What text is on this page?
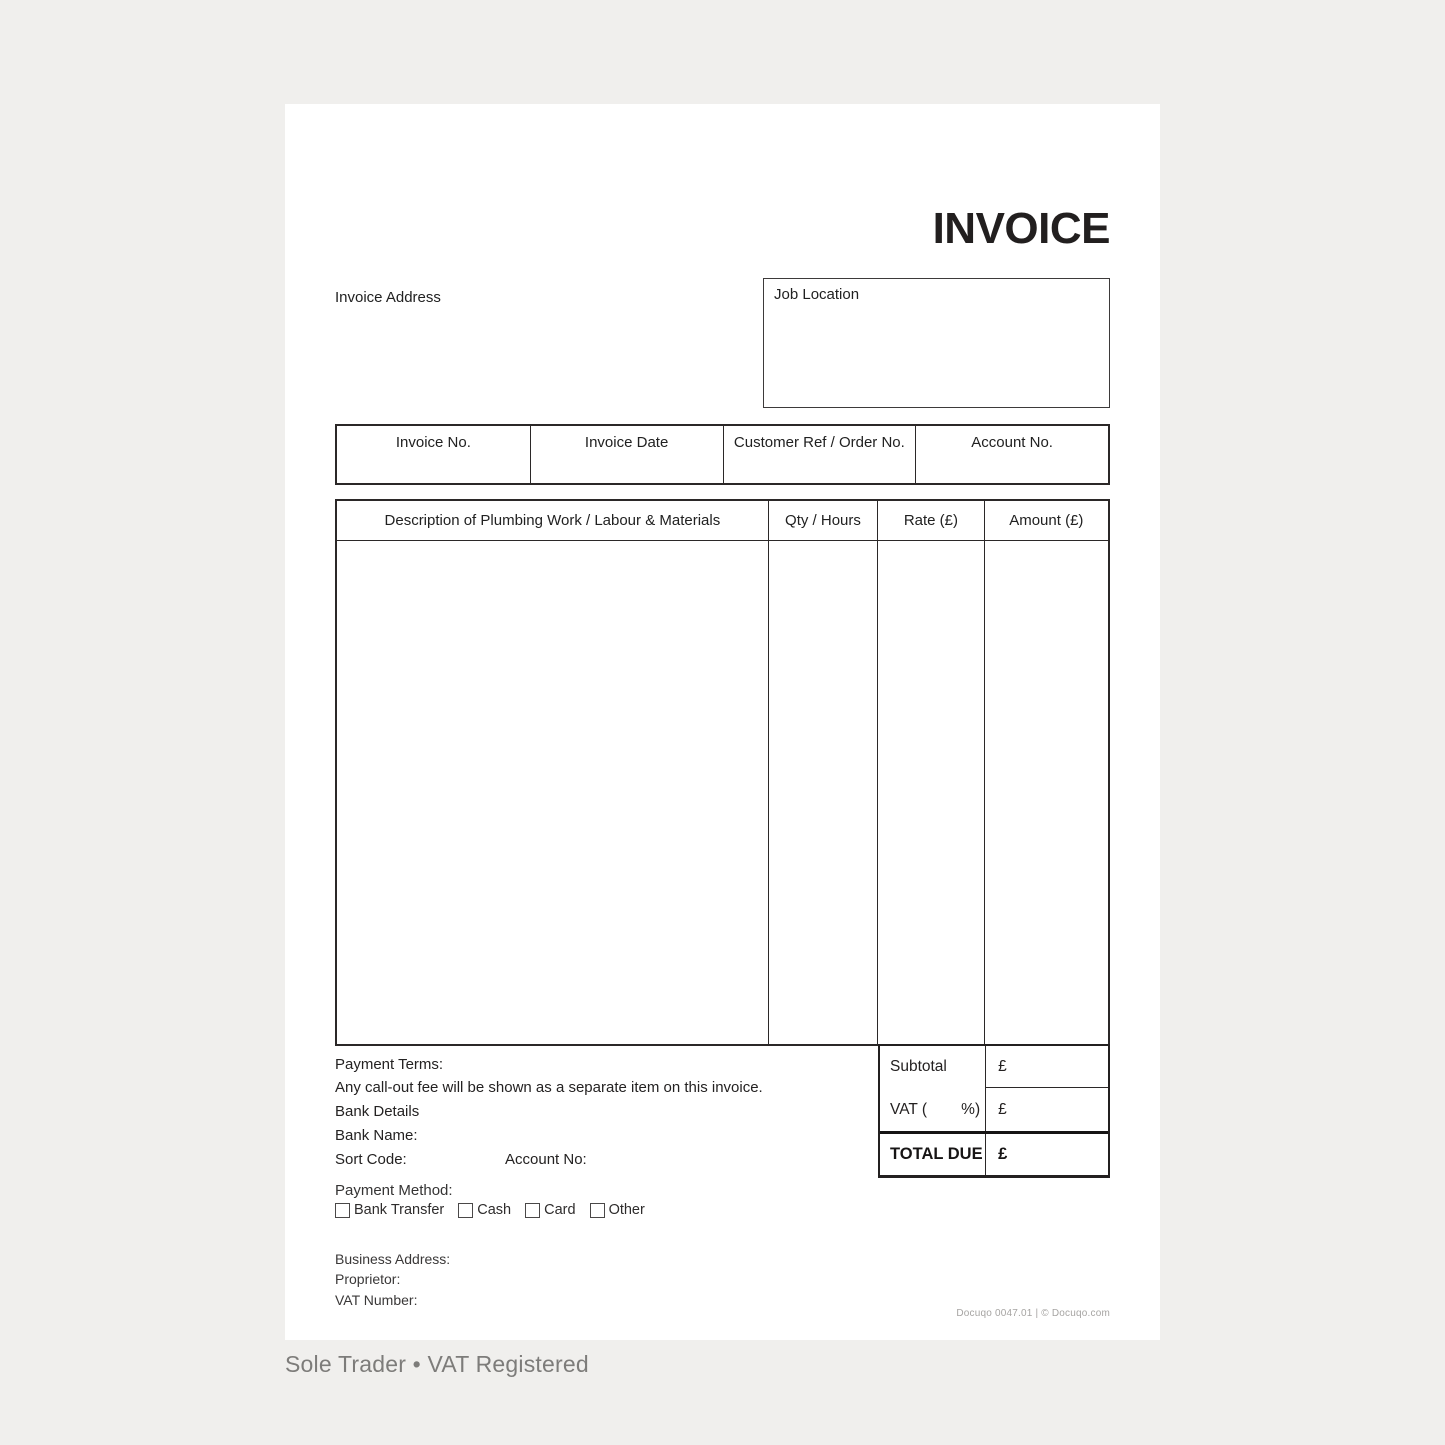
INVOICE
Invoice Address	Job Location
Invoice No.	Invoice Date	Customer Ref / Order No.	Account No.
Description of Plumbing Work / Labour & Materials	Qty / Hours	Rate (£)	Amount (£)
Subtotal	£
VAT ( %) £
TOTAL DUE £
Payment Terms:
Any call-out fee will be shown as a separate item on this invoice.
Bank Details
Bank Name:
Sort Code:	Account No:
Payment Method:
Bank Transfer Cash Card Other
Business Address:
Proprietor:
VAT Number:
Docuqo 0047.01 | © Docuqo.com
Sole Trader • VAT Registered
